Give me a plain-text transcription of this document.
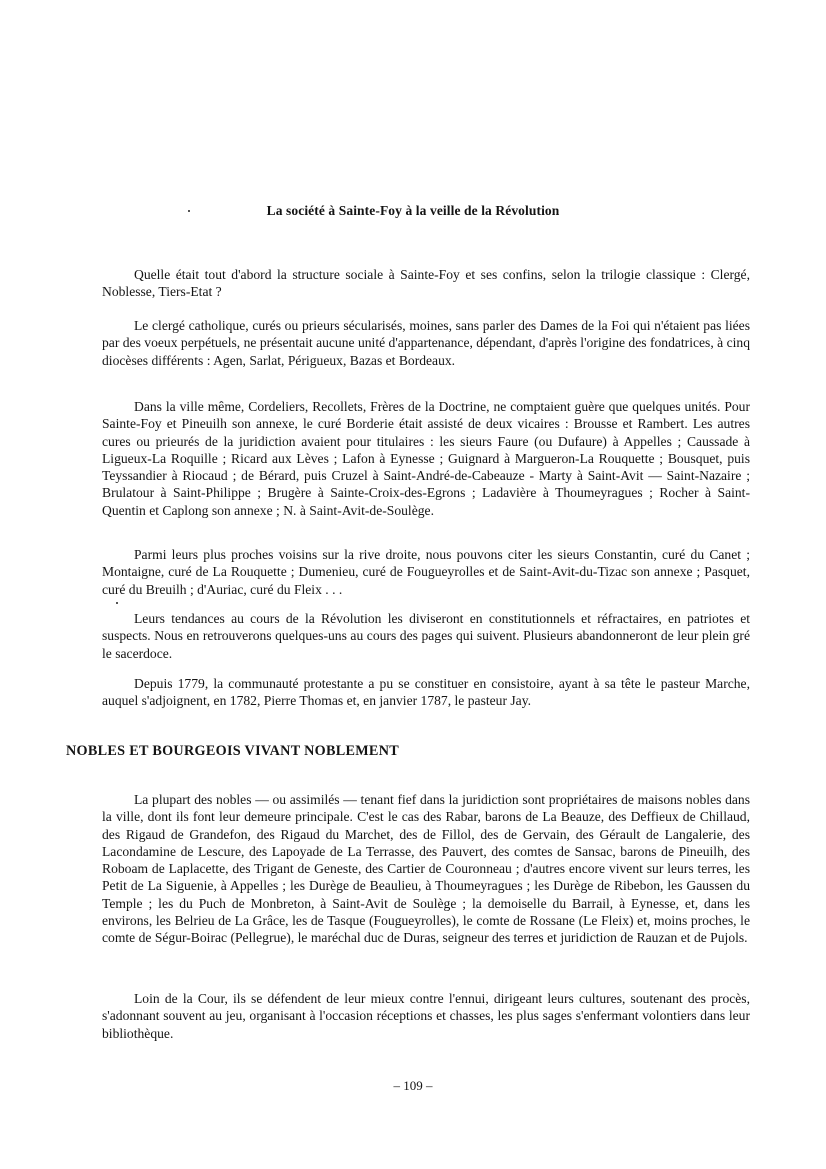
La société à Sainte-Foy à la veille de la Révolution

Quelle était tout d'abord la structure sociale à Sainte-Foy et ses confins, selon la trilogie classique : Clergé, Noblesse, Tiers-Etat ?

Le clergé catholique, curés ou prieurs sécularisés, moines, sans parler des Dames de la Foi qui n'étaient pas liées par des voeux perpétuels, ne présentait aucune unité d'appartenance, dépendant, d'après l'origine des fondatrices, à cinq diocèses différents : Agen, Sarlat, Périgueux, Bazas et Bordeaux.

Dans la ville même, Cordeliers, Recollets, Frères de la Doctrine, ne comptaient guère que quelques unités. Pour Sainte-Foy et Pineuilh son annexe, le curé Borderie était assisté de deux vicaires : Brousse et Rambert. Les autres cures ou prieurés de la juridiction avaient pour titulaires : les sieurs Faure (ou Dufaure) à Appelles ; Caussade à Ligueux-La Roquille ; Ricard aux Lèves ; Lafon à Eynesse ; Guignard à Margueron-La Rouquette ; Bousquet, puis Teyssandier à Riocaud ; de Bérard, puis Cruzel à Saint-André-de-Cabeauze - Marty à Saint-Avit — Saint-Nazaire ; Brulatour à Saint-Philippe ; Brugère à Sainte-Croix-des-Egrons ; Ladavière à Thoumeyragues ; Rocher à Saint-Quentin et Caplong son annexe ; N. à Saint-Avit-de-Soulège.

Parmi leurs plus proches voisins sur la rive droite, nous pouvons citer les sieurs Constantin, curé du Canet ; Montaigne, curé de La Rouquette ; Dumenieu, curé de Fougueyrolles et de Saint-Avit-du-Tizac son annexe ; Pasquet, curé du Breuilh ; d'Auriac, curé du Fleix . . .

Leurs tendances au cours de la Révolution les diviseront en constitutionnels et réfractaires, en patriotes et suspects. Nous en retrouverons quelques-uns au cours des pages qui suivent. Plusieurs abandonneront de leur plein gré le sacerdoce.

Depuis 1779, la communauté protestante a pu se constituer en consistoire, ayant à sa tête le pasteur Marche, auquel s'adjoignent, en 1782, Pierre Thomas et, en janvier 1787, le pasteur Jay.

NOBLES ET BOURGEOIS VIVANT NOBLEMENT

La plupart des nobles — ou assimilés — tenant fief dans la juridiction sont propriétaires de maisons nobles dans la ville, dont ils font leur demeure principale. C'est le cas des Rabar, barons de La Beauze, des Deffieux de Chillaud, des Rigaud de Grandefon, des Rigaud du Marchet, des de Fillol, des de Gervain, des Gérault de Langalerie, des Lacondamine de Lescure, des Lapoyade de La Terrasse, des Pauvert, des comtes de Sansac, barons de Pineuilh, des Roboam de Laplacette, des Trigant de Geneste, des Cartier de Couronneau ; d'autres encore vivent sur leurs terres, les Petit de La Siguenie, à Appelles ; les Durège de Beaulieu, à Thoumeyragues ; les Durège de Ribebon, les Gaussen du Temple ; les du Puch de Monbreton, à Saint-Avit de Soulège ; la demoiselle du Barrail, à Eynesse, et, dans les environs, les Belrieu de La Grâce, les de Tasque (Fougueyrolles), le comte de Rossane (Le Fleix) et, moins proches, le comte de Ségur-Boirac (Pellegrue), le maréchal duc de Duras, seigneur des terres et juridiction de Rauzan et de Pujols.

Loin de la Cour, ils se défendent de leur mieux contre l'ennui, dirigeant leurs cultures, soutenant des procès, s'adonnant souvent au jeu, organisant à l'occasion réceptions et chasses, les plus sages s'enfermant volontiers dans leur bibliothèque.

– 109 –
